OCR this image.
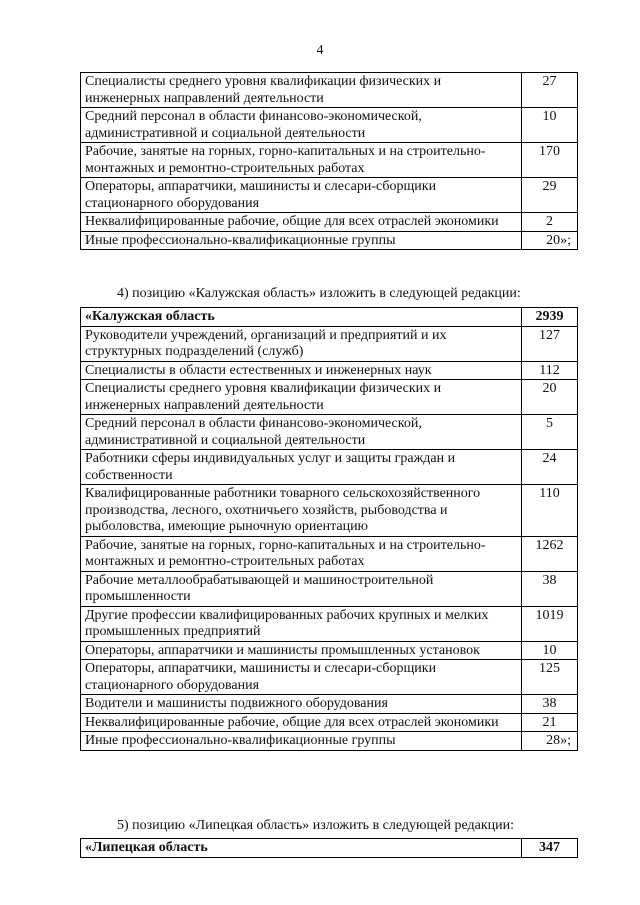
4
Специалисты среднего уровня квалификации физических и инженерных направлений деятельности	27
Средний персонал в области финансово-экономической, административной и социальной деятельности	10
Рабочие, занятые на горных, горно-капитальных и на строительно-монтажных и ремонтно-строительных работах	170
Операторы, аппаратчики, машинисты и слесари-сборщики стационарного оборудования	29
Неквалифицированные рабочие, общие для всех отраслей экономики	2
Иные профессионально-квалификационные группы	20»;
4) позицию «Калужская область» изложить в следующей редакции:
«Калужская область	2939
Руководители учреждений, организаций и предприятий и их структурных подразделений (служб)	127
Специалисты в области естественных и инженерных наук	112
Специалисты среднего уровня квалификации физических и инженерных направлений деятельности	20
Средний персонал в области финансово-экономической, административной и социальной деятельности	5
Работники сферы индивидуальных услуг и защиты граждан и собственности	24
Квалифицированные работники товарного сельскохозяйственного производства, лесного, охотничьего хозяйств, рыбоводства и рыболовства, имеющие рыночную ориентацию	110
Рабочие, занятые на горных, горно-капитальных и на строительно-монтажных и ремонтно-строительных работах	1262
Рабочие металлообрабатывающей и машиностроительной промышленности	38
Другие профессии квалифицированных рабочих крупных и мелких промышленных предприятий	1019
Операторы, аппаратчики и машинисты промышленных установок	10
Операторы, аппаратчики, машинисты и слесари-сборщики стационарного оборудования	125
Водители и машинисты подвижного оборудования	38
Неквалифицированные рабочие, общие для всех отраслей экономики	21
Иные профессионально-квалификационные группы	28»;
5) позицию «Липецкая область» изложить в следующей редакции:
«Липецкая область	347
